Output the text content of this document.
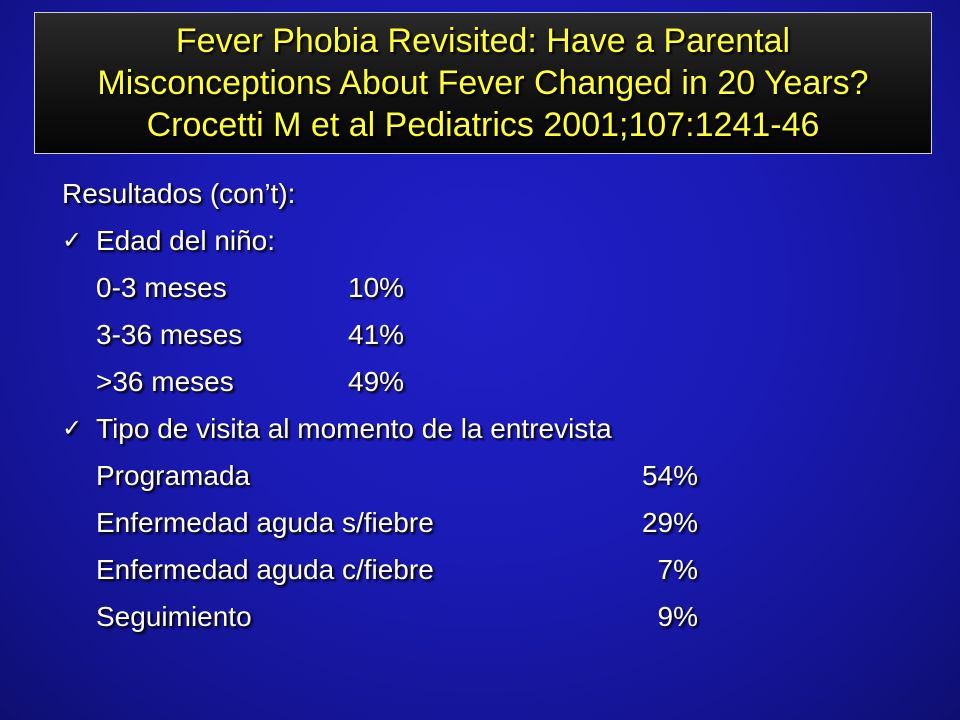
Fever Phobia Revisited: Have a Parental
Misconceptions About Fever Changed in 20 Years?
Crocetti M et al Pediatrics 2001;107:1241-46
Resultados (con’t):
✓ Edad del niño:
0-3 meses	10%
3-36 meses	41%
>36 meses	49%
✓ Tipo de visita al momento de la entrevista
Programada	54%
Enfermedad aguda s/fiebre	29%
Enfermedad aguda c/fiebre	7%
Seguimiento	9%
